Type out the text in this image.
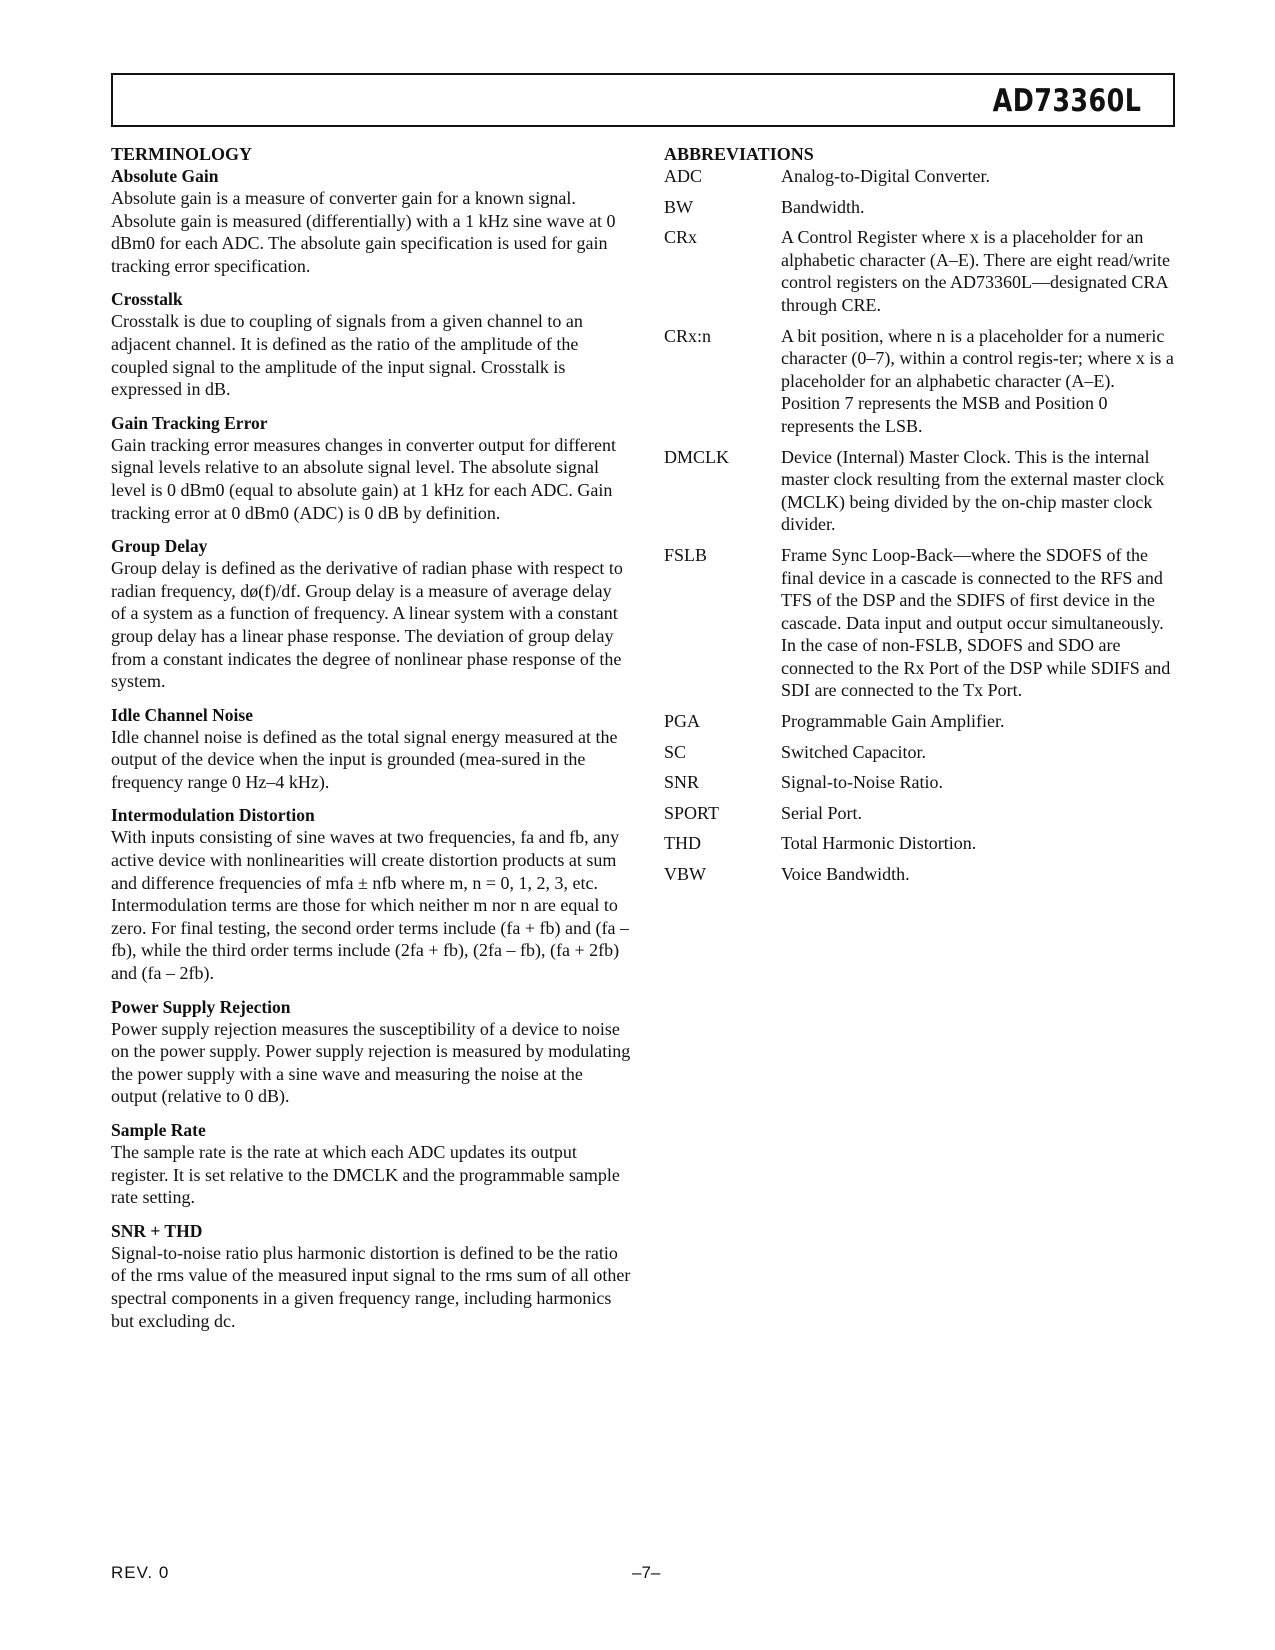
AD73360L

TERMINOLOGY

Absolute Gain

Absolute gain is a measure of converter gain for a known signal. Absolute gain is measured (differentially) with a 1 kHz sine wave at 0 dBm0 for each ADC. The absolute gain specification is used for gain tracking error specification.

Crosstalk

Crosstalk is due to coupling of signals from a given channel to an adjacent channel. It is defined as the ratio of the amplitude of the coupled signal to the amplitude of the input signal. Crosstalk is expressed in dB.

Gain Tracking Error

Gain tracking error measures changes in converter output for different signal levels relative to an absolute signal level. The absolute signal level is 0 dBm0 (equal to absolute gain) at 1 kHz for each ADC. Gain tracking error at 0 dBm0 (ADC) is 0 dB by definition.

Group Delay

Group delay is defined as the derivative of radian phase with respect to radian frequency, dø(f)/df. Group delay is a measure of average delay of a system as a function of frequency. A linear system with a constant group delay has a linear phase response. The deviation of group delay from a constant indicates the degree of nonlinear phase response of the system.

Idle Channel Noise

Idle channel noise is defined as the total signal energy measured at the output of the device when the input is grounded (mea-sured in the frequency range 0 Hz–4 kHz).

Intermodulation Distortion

With inputs consisting of sine waves at two frequencies, fa and fb, any active device with nonlinearities will create distortion products at sum and difference frequencies of mfa ± nfb where m, n = 0, 1, 2, 3, etc. Intermodulation terms are those for which neither m nor n are equal to zero. For final testing, the second order terms include (fa + fb) and (fa – fb), while the third order terms include (2fa + fb), (2fa – fb), (fa + 2fb) and (fa – 2fb).

Power Supply Rejection

Power supply rejection measures the susceptibility of a device to noise on the power supply. Power supply rejection is measured by modulating the power supply with a sine wave and measuring the noise at the output (relative to 0 dB).

Sample Rate

The sample rate is the rate at which each ADC updates its output register. It is set relative to the DMCLK and the programmable sample rate setting.

SNR + THD

Signal-to-noise ratio plus harmonic distortion is defined to be the ratio of the rms value of the measured input signal to the rms sum of all other spectral components in a given frequency range, including harmonics but excluding dc.

ABBREVIATIONS

ADC	Analog-to-Digital Converter.
BW	Bandwidth.
CRx	A Control Register where x is a placeholder for an alphabetic character (A–E). There are eight read/write control registers on the AD73360L—designated CRA through CRE.
CRx:n	A bit position, where n is a placeholder for a numeric character (0–7), within a control regis-ter; where x is a placeholder for an alphabetic character (A–E). Position 7 represents the MSB and Position 0 represents the LSB.
DMCLK	Device (Internal) Master Clock. This is the internal master clock resulting from the external master clock (MCLK) being divided by the on-chip master clock divider.
FSLB	Frame Sync Loop-Back—where the SDOFS of the final device in a cascade is connected to the RFS and TFS of the DSP and the SDIFS of first device in the cascade. Data input and output occur simultaneously. In the case of non-FSLB, SDOFS and SDO are connected to the Rx Port of the DSP while SDIFS and SDI are connected to the Tx Port.
PGA	Programmable Gain Amplifier.
SC	Switched Capacitor.
SNR	Signal-to-Noise Ratio.
SPORT	Serial Port.
THD	Total Harmonic Distortion.
VBW	Voice Bandwidth.
REV. 0	–7–
